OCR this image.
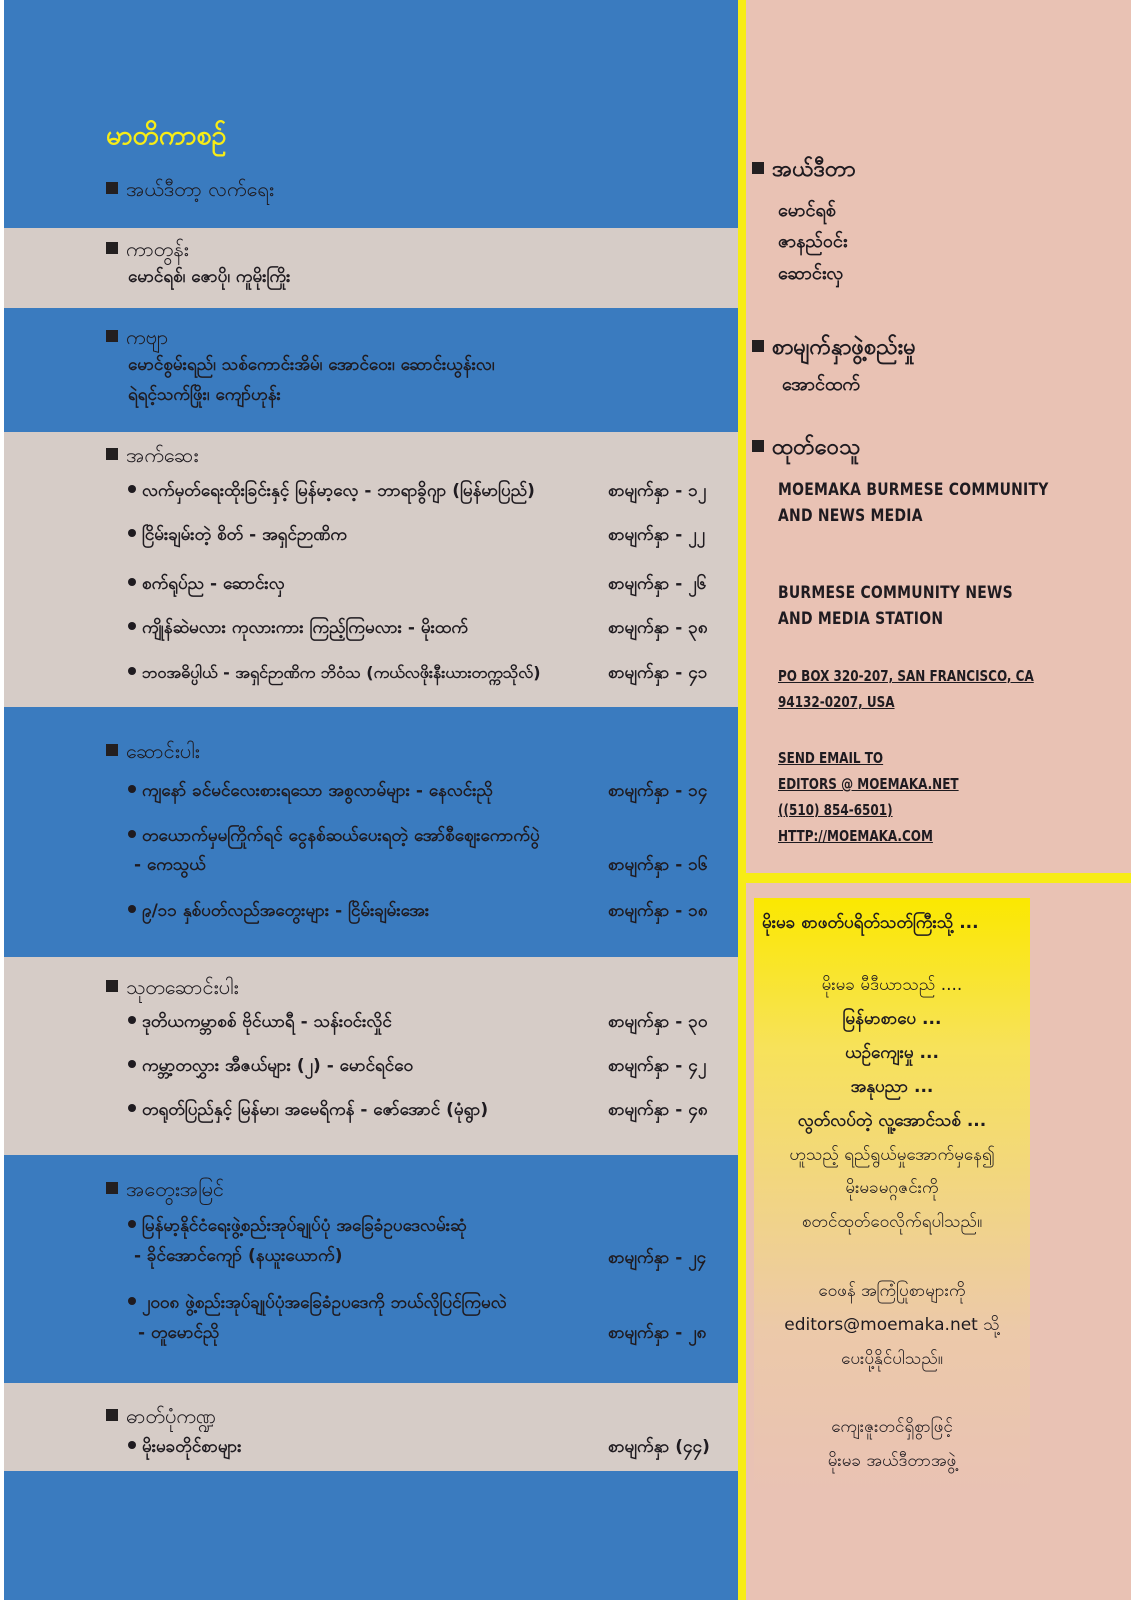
မာတိကာစဉ်
အယ်ဒီတာ့ လက်ရေး
ကာတွန်း
မောင်ရစ်၊ ဇောပို၊ ကူမိုးကြိုး
ကဗျာ
မောင်စွမ်းရည်၊ သစ်ကောင်းအိမ်၊ အောင်ဝေး၊ ဆောင်းယွန်းလ၊
ရဲရင့်သက်ဖြိုး၊ ကျော်ဟုန်း
အက်ဆေး
လက်မှတ်ရေးထိုးခြင်းနှင့် မြန်မာ့လေ့ - ဘာရာခွိဂျာ (မြန်မာပြည်)	စာမျက်နှာ - ၁၂
ငြိမ်းချမ်းတဲ့ စိတ် - အရှင်ဉာဏိက	စာမျက်နှာ - ၂၂
စက်ရုပ်ည - ဆောင်းလှ	စာမျက်နှာ - ၂၆
ကျိုန်ဆဲမလား ကုလားကား ကြည့်ကြမလား - မိုးထက်	စာမျက်နှာ - ၃၈
ဘဝအဓိပ္ပါယ် - အရှင်ဉာဏိက ဘိဝံသ (ကယ်လဖိုးနီးယားတက္ကသိုလ်)	စာမျက်နှာ - ၄၁
ဆောင်းပါး
ကျနော် ခင်မင်လေးစားရသော အစွလာမ်များ - နေလင်းညို	စာမျက်နှာ - ၁၄
တယောက်မှမကြိုက်ရင် ငွေနစ်ဆယ်ပေးရတဲ့ အော်စီစျေးကောက်ပွဲ
- ကေသွယ်	စာမျက်နှာ - ၁၆
၉/၁၁ နှစ်ပတ်လည်အတွေးများ - ငြိမ်းချမ်းအေး	စာမျက်နှာ - ၁၈
သုတဆောင်းပါး
ဒုတိယကမ္ဘာစစ် ဗိုင်ယာရီ - သန်းဝင်းလှိုင်	စာမျက်နှာ - ၃၀
ကမ္ဘာ့တလွှား အီဇယ်များ (၂) - မောင်ရင်ဝေ	စာမျက်နှာ - ၄၂
တရုတ်ပြည်နှင့် မြန်မာ၊ အမေရိကန် - ဇော်အောင် (မုံရွာ)	စာမျက်နှာ - ၄၈
အတွေးအမြင်
မြန်မာ့နိုင်ငံရေးဖွဲ့စည်းအုပ်ချုပ်ပုံ အခြေခံဥပဒေလမ်းဆုံ
- ခိုင်အောင်ကျော် (နယူးယောက်)	စာမျက်နှာ - ၂၄
၂၀၀၈ ဖွဲ့စည်းအုပ်ချုပ်ပုံအခြေခံဥပဒေကို ဘယ်လိုပြင်ကြမလဲ
- တူမောင်ညို	စာမျက်နှာ - ၂၈
ဓာတ်ပုံကဏ္ဍ
မိုးမခတိုင်စာများ	စာမျက်နှာ (၄၄)
အယ်ဒီတာ
မောင်ရစ်
ဇာနည်ဝင်း
ဆောင်းလှ
စာမျက်နှာဖွဲ့စည်းမှု
အောင်ထက်
ထုတ်ဝေသူ
MOEMAKA BURMESE COMMUNITY
AND NEWS MEDIA
BURMESE COMMUNITY NEWS
AND MEDIA STATION
PO BOX 320-207, SAN FRANCISCO, CA
94132-0207, USA
SEND EMAIL TO
EDITORS @ MOEMAKA.NET
((510) 854-6501)
HTTP://MOEMAKA.COM
မိုးမခ စာဖတ်ပရိတ်သတ်ကြီးသို့ ...
မိုးမခ မီဒီယာသည် ....
မြန်မာစာပေ ...
ယဉ်ကျေးမှု ...
အနုပညာ ...
လွတ်လပ်တဲ့ လူ့အောင်သစ် ...
ဟူသည့် ရည်ရွယ်မှုအောက်မှနေ၍
မိုးမခမဂ္ဂဇင်းကို
စတင်ထုတ်ဝေလိုက်ရပါသည်။
ဝေဖန် အကြံပြုစာများကို
editors@moemaka.net သို့
ပေးပို့နိုင်ပါသည်။
ကျေးဇူးတင်ရှိစွာဖြင့်
မိုးမခ အယ်ဒီတာအဖွဲ့
